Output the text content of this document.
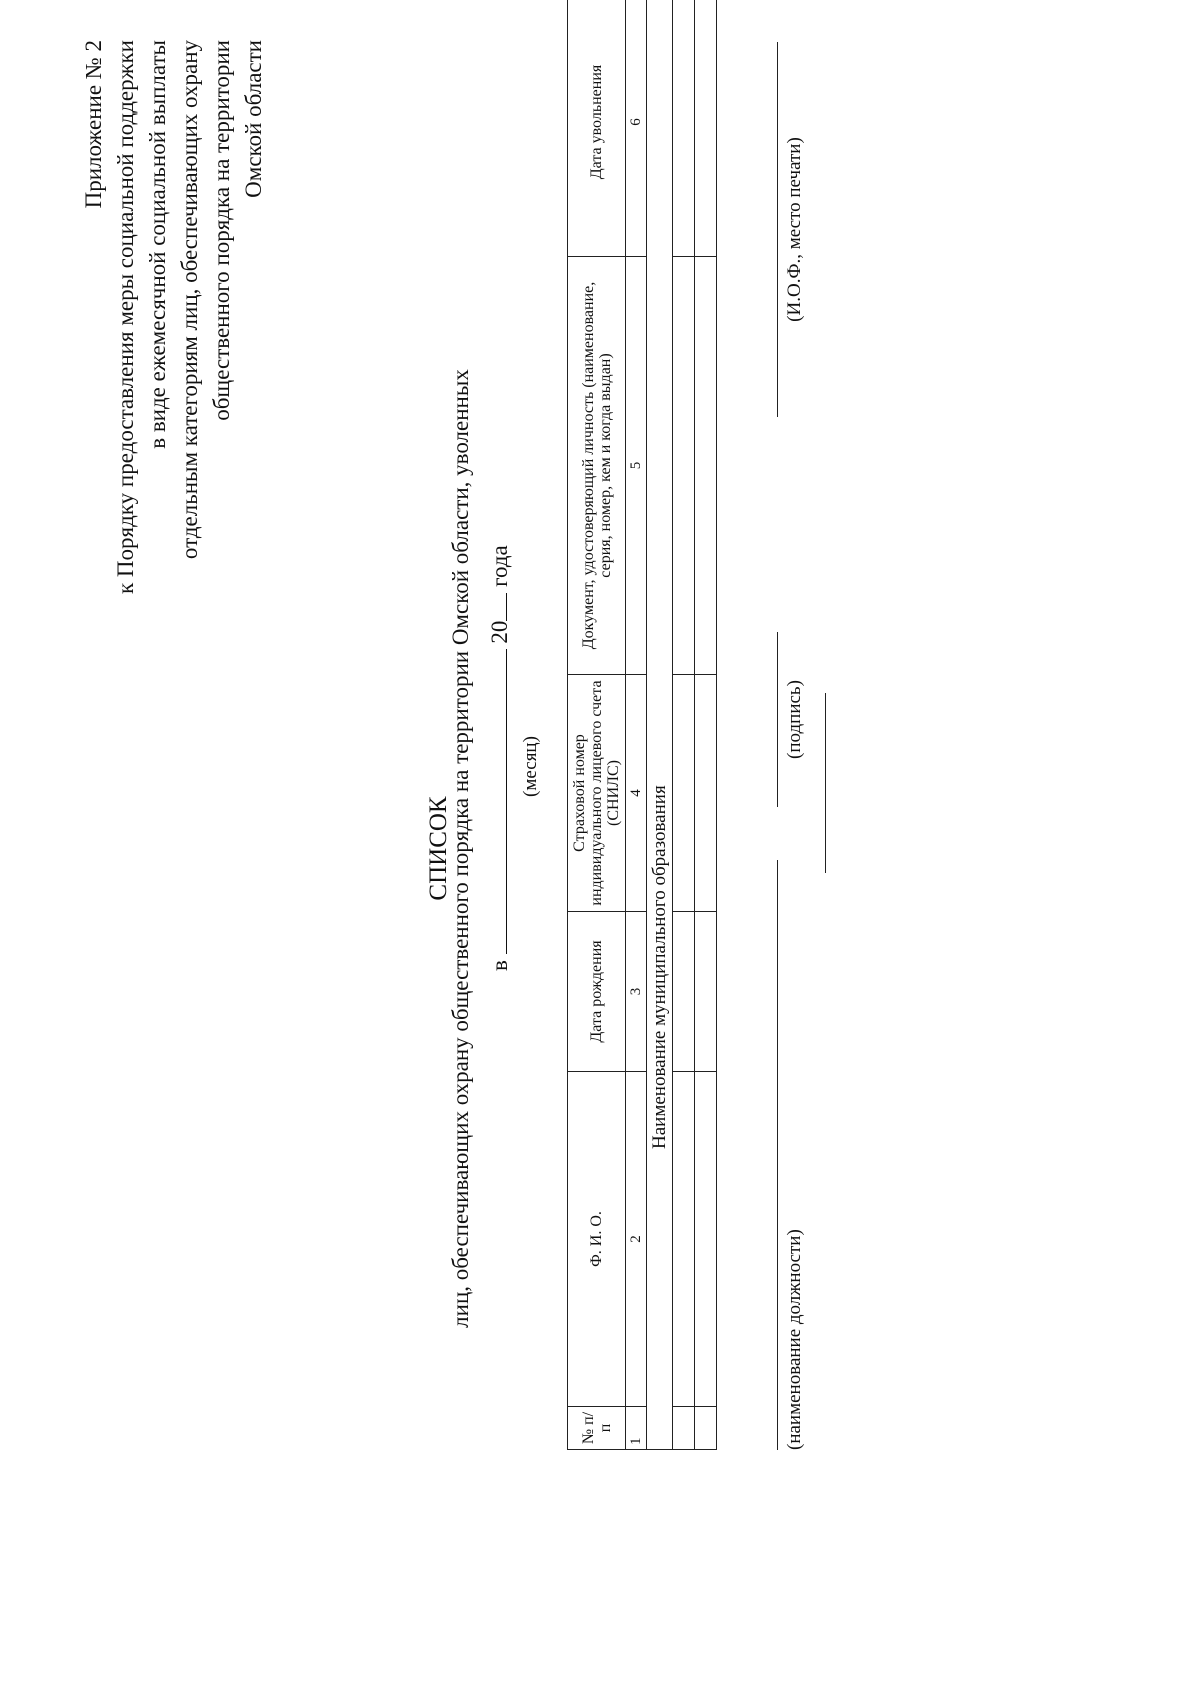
Приложение № 2 к Порядку предоставления меры социальной поддержки в виде ежемесячной социальной выплаты отдельным категориям лиц, обеспечивающих охрану общественного порядка на территории Омской области
СПИСОК
лиц, обеспечивающих охрану общественного порядка на территории Омской области, уволенных в  20 года
(месяц)
№ п/п	Ф. И. О.	Дата рождения	Страховой номер индивидуального лицевого счета (СНИЛС)	Документ, удостоверяющий личность (наименование, серия, номер, кем и когда выдан)	Дата увольнения
1	2	3	4	5	6
Наименование муниципального образования					

(наименование должности)
(подпись)
(И.О.Ф., место печати)
